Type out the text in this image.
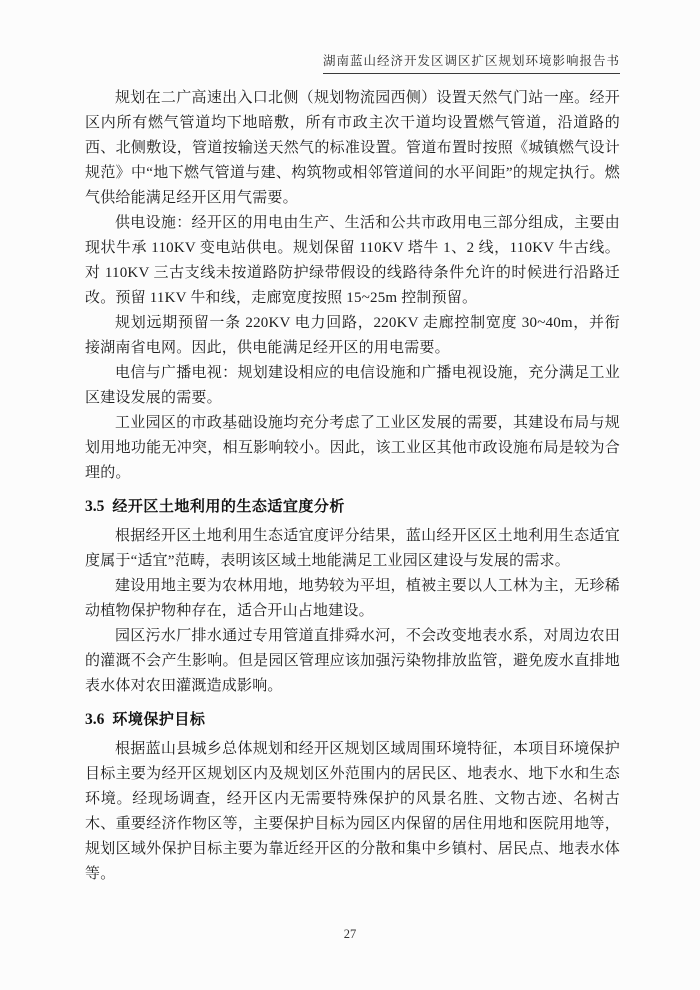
湖南蓝山经济开发区调区扩区规划环境影响报告书

规划在二广高速出入口北侧（规划物流园西侧）设置天然气门站一座。经开区内所有燃气管道均下地暗敷，所有市政主次干道均设置燃气管道，沿道路的西、北侧敷设，管道按输送天然气的标准设置。管道布置时按照《城镇燃气设计规范》中“地下燃气管道与建、构筑物或相邻管道间的水平间距”的规定执行。燃气供给能满足经开区用气需要。

供电设施：经开区的用电由生产、生活和公共市政用电三部分组成，主要由现状牛承 110KV 变电站供电。规划保留 110KV 塔牛 1、2 线，110KV 牛古线。对 110KV 三古支线未按道路防护绿带假设的线路待条件允许的时候进行沿路迁改。预留 11KV 牛和线，走廊宽度按照 15~25m 控制预留。

规划远期预留一条 220KV 电力回路，220KV 走廊控制宽度 30~40m，并衔接湖南省电网。因此，供电能满足经开区的用电需要。

电信与广播电视：规划建设相应的电信设施和广播电视设施，充分满足工业区建设发展的需要。

工业园区的市政基础设施均充分考虑了工业区发展的需要，其建设布局与规划用地功能无冲突，相互影响较小。因此，该工业区其他市政设施布局是较为合理的。

3.5 经开区土地利用的生态适宜度分析

根据经开区土地利用生态适宜度评分结果，蓝山经开区区土地利用生态适宜度属于“适宜”范畴，表明该区域土地能满足工业园区建设与发展的需求。

建设用地主要为农林用地，地势较为平坦，植被主要以人工林为主，无珍稀动植物保护物种存在，适合开山占地建设。

园区污水厂排水通过专用管道直排舜水河，不会改变地表水系，对周边农田的灌溉不会产生影响。但是园区管理应该加强污染物排放监管，避免废水直排地表水体对农田灌溉造成影响。

3.6 环境保护目标

根据蓝山县城乡总体规划和经开区规划区域周围环境特征，本项目环境保护目标主要为经开区规划区内及规划区外范围内的居民区、地表水、地下水和生态环境。经现场调查，经开区内无需要特殊保护的风景名胜、文物古迹、名树古木、重要经济作物区等，主要保护目标为园区内保留的居住用地和医院用地等，规划区域外保护目标主要为靠近经开区的分散和集中乡镇村、居民点、地表水体等。

27
